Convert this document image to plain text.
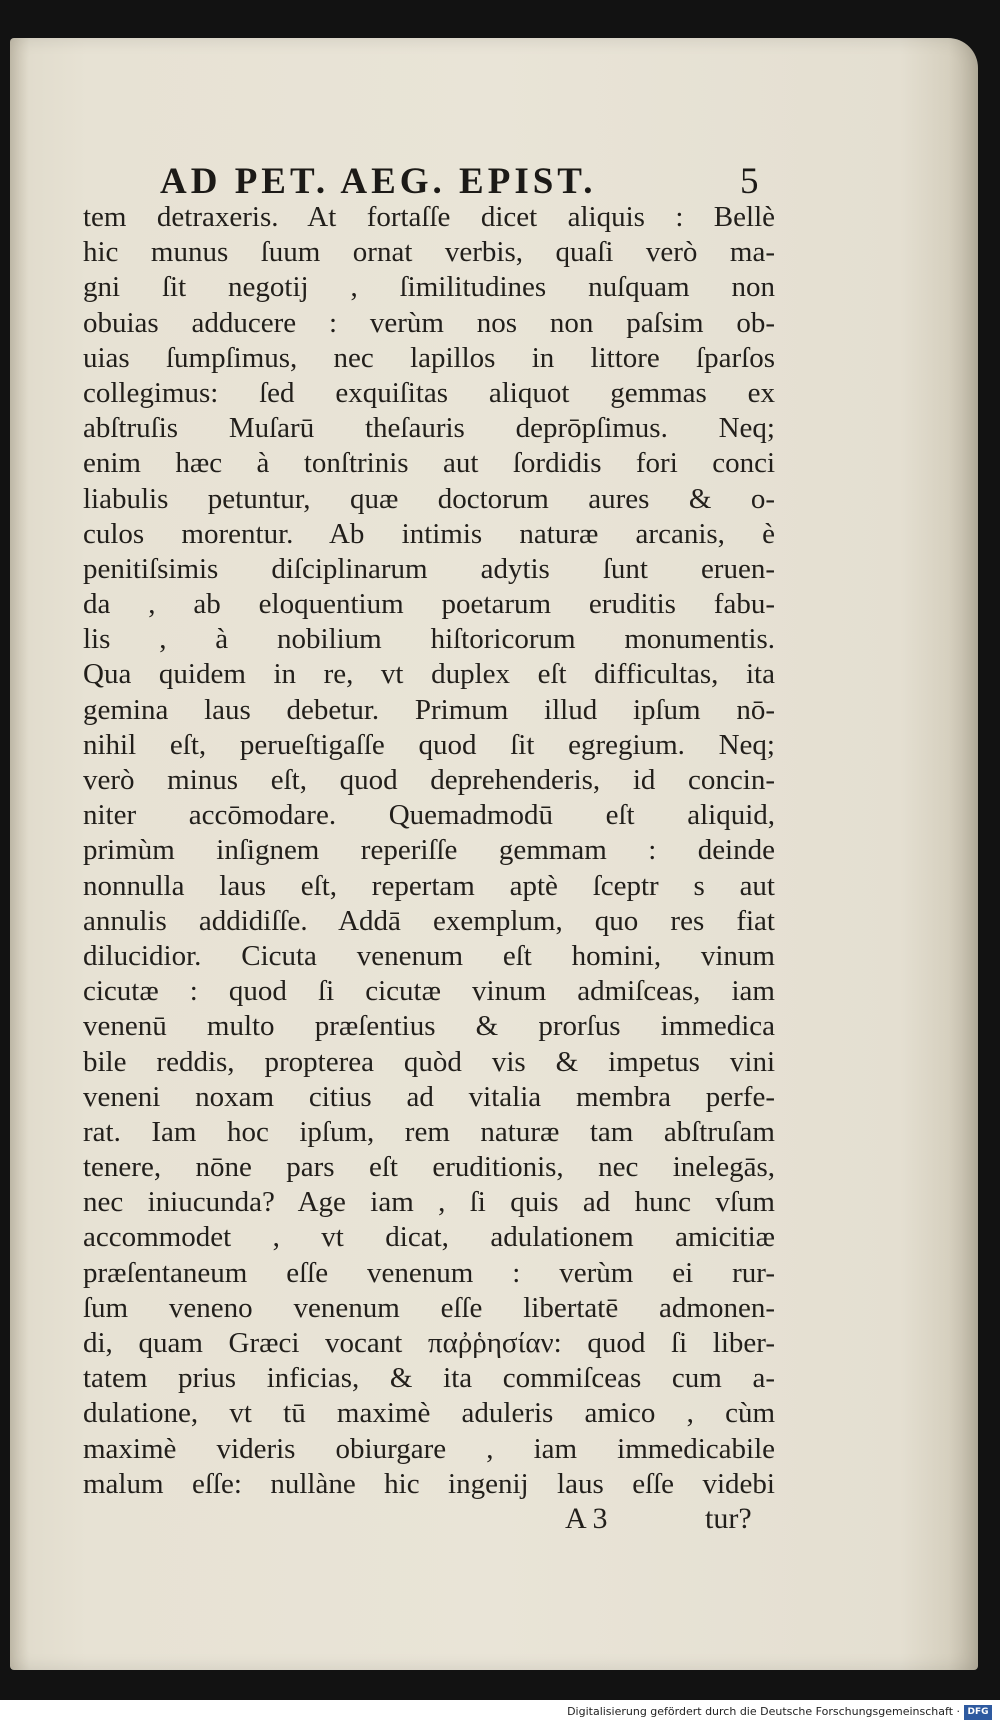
AD PET. AEG. EPIST.	5
tem detraxeris. At fortaſſe dicet aliquis : Bellè
hic munus ſuum ornat verbis, quaſi verò ma-
gni ſit negotij , ſimilitudines nuſquam non
obuias adducere : verùm nos non paſsim ob-
uias ſumpſimus, nec lapillos in littore ſparſos
collegimus: ſed exquiſitas aliquot gemmas ex
abſtruſis Muſarū theſauris deprōpſimus. Neq;
enim hæc à tonſtrinis aut ſordidis fori conci
liabulis petuntur, quæ doctorum aures & o-
culos morentur. Ab intimis naturæ arcanis, è
penitiſsimis diſciplinarum adytis ſunt eruen-
da , ab eloquentium poetarum eruditis fabu-
lis , à nobilium hiſtoricorum monumentis.
Qua quidem in re, vt duplex eſt difficultas, ita
gemina laus debetur. Primum illud ipſum nō-
nihil eſt, perueſtigaſſe quod ſit egregium. Neq;
verò minus eſt, quod deprehenderis, id concin-
niter accōmodare. Quemadmodū eſt aliquid,
primùm inſignem reperiſſe gemmam : deinde
nonnulla laus eſt, repertam aptè ſceptr s aut
annulis addidiſſe. Addā exemplum, quo res fiat
dilucidior. Cicuta venenum eſt homini, vinum
cicutæ : quod ſi cicutæ vinum admiſceas, iam
venenū multo præſentius & prorſus immedica
bile reddis, propterea quòd vis & impetus vini
veneni noxam citius ad vitalia membra perfe-
rat. Iam hoc ipſum, rem naturæ tam abſtruſam
tenere, nōne pars eſt eruditionis, nec inelegās,
nec iniucunda? Age iam , ſi quis ad hunc vſum
accommodet , vt dicat, adulationem amicitiæ
præſentaneum eſſe venenum : verùm ei rur-
ſum veneno venenum eſſe libertatē admonen-
di, quam Græci vocant παῤῥησίαν: quod ſi liber-
tatem prius inficias, & ita commiſceas cum a-
dulatione, vt tū maximè aduleris amico , cùm
maximè videris obiurgare , iam immedicabile
malum eſſe: nullàne hic ingenij laus eſſe videbi
A 3	tur?
Digitalisierung gefördert durch die Deutsche Forschungsgemeinschaft · DFG
